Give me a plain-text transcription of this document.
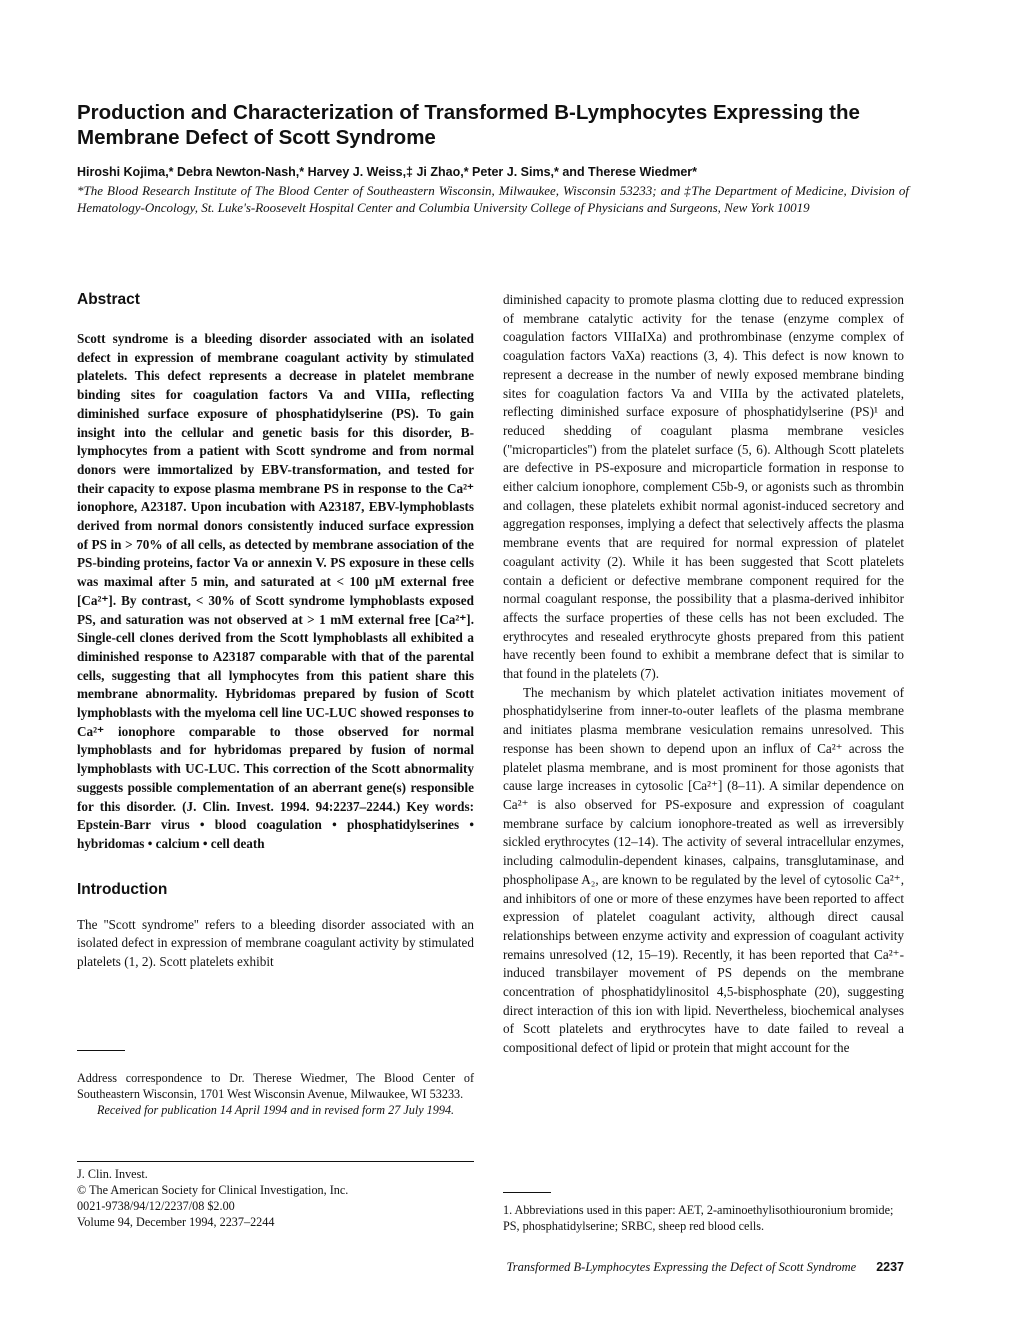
Production and Characterization of Transformed B-Lymphocytes Expressing the Membrane Defect of Scott Syndrome
Hiroshi Kojima,* Debra Newton-Nash,* Harvey J. Weiss,‡ Ji Zhao,* Peter J. Sims,* and Therese Wiedmer*
*The Blood Research Institute of The Blood Center of Southeastern Wisconsin, Milwaukee, Wisconsin 53233; and ‡The Department of Medicine, Division of Hematology-Oncology, St. Luke's-Roosevelt Hospital Center and Columbia University College of Physicians and Surgeons, New York 10019
Abstract

Scott syndrome is a bleeding disorder associated with an isolated defect in expression of membrane coagulant activity by stimulated platelets. This defect represents a decrease in platelet membrane binding sites for coagulation factors Va and VIIIa, reflecting diminished surface exposure of phosphatidylserine (PS). To gain insight into the cellular and genetic basis for this disorder, B-lymphocytes from a patient with Scott syndrome and from normal donors were immortalized by EBV-transformation, and tested for their capacity to expose plasma membrane PS in response to the Ca²⁺ ionophore, A23187. Upon incubation with A23187, EBV-lymphoblasts derived from normal donors consistently induced surface expression of PS in > 70% of all cells, as detected by membrane association of the PS-binding proteins, factor Va or annexin V. PS exposure in these cells was maximal after 5 min, and saturated at < 100 µM external free [Ca²⁺]. By contrast, < 30% of Scott syndrome lymphoblasts exposed PS, and saturation was not observed at > 1 mM external free [Ca²⁺]. Single-cell clones derived from the Scott lymphoblasts all exhibited a diminished response to A23187 comparable with that of the parental cells, suggesting that all lymphocytes from this patient share this membrane abnormality. Hybridomas prepared by fusion of Scott lymphoblasts with the myeloma cell line UC-LUC showed responses to Ca²⁺ ionophore comparable to those observed for normal lymphoblasts and for hybridomas prepared by fusion of normal lymphoblasts with UC-LUC. This correction of the Scott abnormality suggests possible complementation of an aberrant gene(s) responsible for this disorder. (J. Clin. Invest. 1994. 94:2237–2244.) Key words: Epstein-Barr virus • blood coagulation • phosphatidylserines • hybridomas • calcium • cell death

Introduction

The ''Scott syndrome'' refers to a bleeding disorder associated with an isolated defect in expression of membrane coagulant activity by stimulated platelets (1, 2). Scott platelets exhibit

Address correspondence to Dr. Therese Wiedmer, The Blood Center of Southeastern Wisconsin, 1701 West Wisconsin Avenue, Milwaukee, WI 53233.
Received for publication 14 April 1994 and in revised form 27 July 1994.
J. Clin. Invest.
© The American Society for Clinical Investigation, Inc.
0021-9738/94/12/2237/08 $2.00
Volume 94, December 1994, 2237–2244

diminished capacity to promote plasma clotting due to reduced expression of membrane catalytic activity for the tenase (enzyme complex of coagulation factors VIIIaIXa) and prothrombinase (enzyme complex of coagulation factors VaXa) reactions (3, 4). This defect is now known to represent a decrease in the number of newly exposed membrane binding sites for coagulation factors Va and VIIIa by the activated platelets, reflecting diminished surface exposure of phosphatidylserine (PS)¹ and reduced shedding of coagulant plasma membrane vesicles (''microparticles'') from the platelet surface (5, 6). Although Scott platelets are defective in PS-exposure and microparticle formation in response to either calcium ionophore, complement C5b-9, or agonists such as thrombin and collagen, these platelets exhibit normal agonist-induced secretory and aggregation responses, implying a defect that selectively affects the plasma membrane events that are required for normal expression of platelet coagulant activity (2). While it has been suggested that Scott platelets contain a deficient or defective membrane component required for the normal coagulant response, the possibility that a plasma-derived inhibitor affects the surface properties of these cells has not been excluded. The erythrocytes and resealed erythrocyte ghosts prepared from this patient have recently been found to exhibit a membrane defect that is similar to that found in the platelets (7).

The mechanism by which platelet activation initiates movement of phosphatidylserine from inner-to-outer leaflets of the plasma membrane and initiates plasma membrane vesiculation remains unresolved. This response has been shown to depend upon an influx of Ca²⁺ across the platelet plasma membrane, and is most prominent for those agonists that cause large increases in cytosolic [Ca²⁺] (8–11). A similar dependence on Ca²⁺ is also observed for PS-exposure and expression of coagulant membrane surface by calcium ionophore-treated as well as irreversibly sickled erythrocytes (12–14). The activity of several intracellular enzymes, including calmodulin-dependent kinases, calpains, transglutaminase, and phospholipase A₂, are known to be regulated by the level of cytosolic Ca²⁺, and inhibitors of one or more of these enzymes have been reported to affect expression of platelet coagulant activity, although direct causal relationships between enzyme activity and expression of coagulant activity remains unresolved (12, 15–19). Recently, it has been reported that Ca²⁺-induced transbilayer movement of PS depends on the membrane concentration of phosphatidylinositol 4,5-bisphosphate (20), suggesting direct interaction of this ion with lipid. Nevertheless, biochemical analyses of Scott platelets and erythrocytes have to date failed to reveal a compositional defect of lipid or protein that might account for the

1. Abbreviations used in this paper: AET, 2-aminoethylisothiouronium bromide; PS, phosphatidylserine; SRBC, sheep red blood cells.
Transformed B-Lymphocytes Expressing the Defect of Scott Syndrome 2237
